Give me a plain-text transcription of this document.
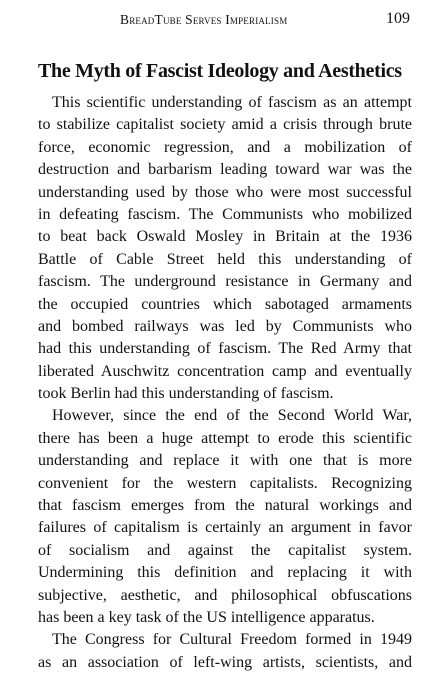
BreadTube Serves Imperialism	109
The Myth of Fascist Ideology and Aesthetics
This scientific understanding of fascism as an attempt
to stabilize capitalist society amid a crisis through brute
force, economic regression, and a mobilization of
destruction and barbarism leading toward war was the
understanding used by those who were most successful
in defeating fascism. The Communists who mobilized
to beat back Oswald Mosley in Britain at the 1936
Battle of Cable Street held this understanding of
fascism. The underground resistance in Germany and
the occupied countries which sabotaged armaments
and bombed railways was led by Communists who
had this understanding of fascism. The Red Army that
liberated Auschwitz concentration camp and eventually
took Berlin had this understanding of fascism.
However, since the end of the Second World War,
there has been a huge attempt to erode this scientific
understanding and replace it with one that is more
convenient for the western capitalists. Recognizing
that fascism emerges from the natural workings and
failures of capitalism is certainly an argument in favor
of socialism and against the capitalist system.
Undermining this definition and replacing it with
subjective, aesthetic, and philosophical obfuscations
has been a key task of the US intelligence apparatus.
The Congress for Cultural Freedom formed in 1949
as an association of left-wing artists, scientists, and
